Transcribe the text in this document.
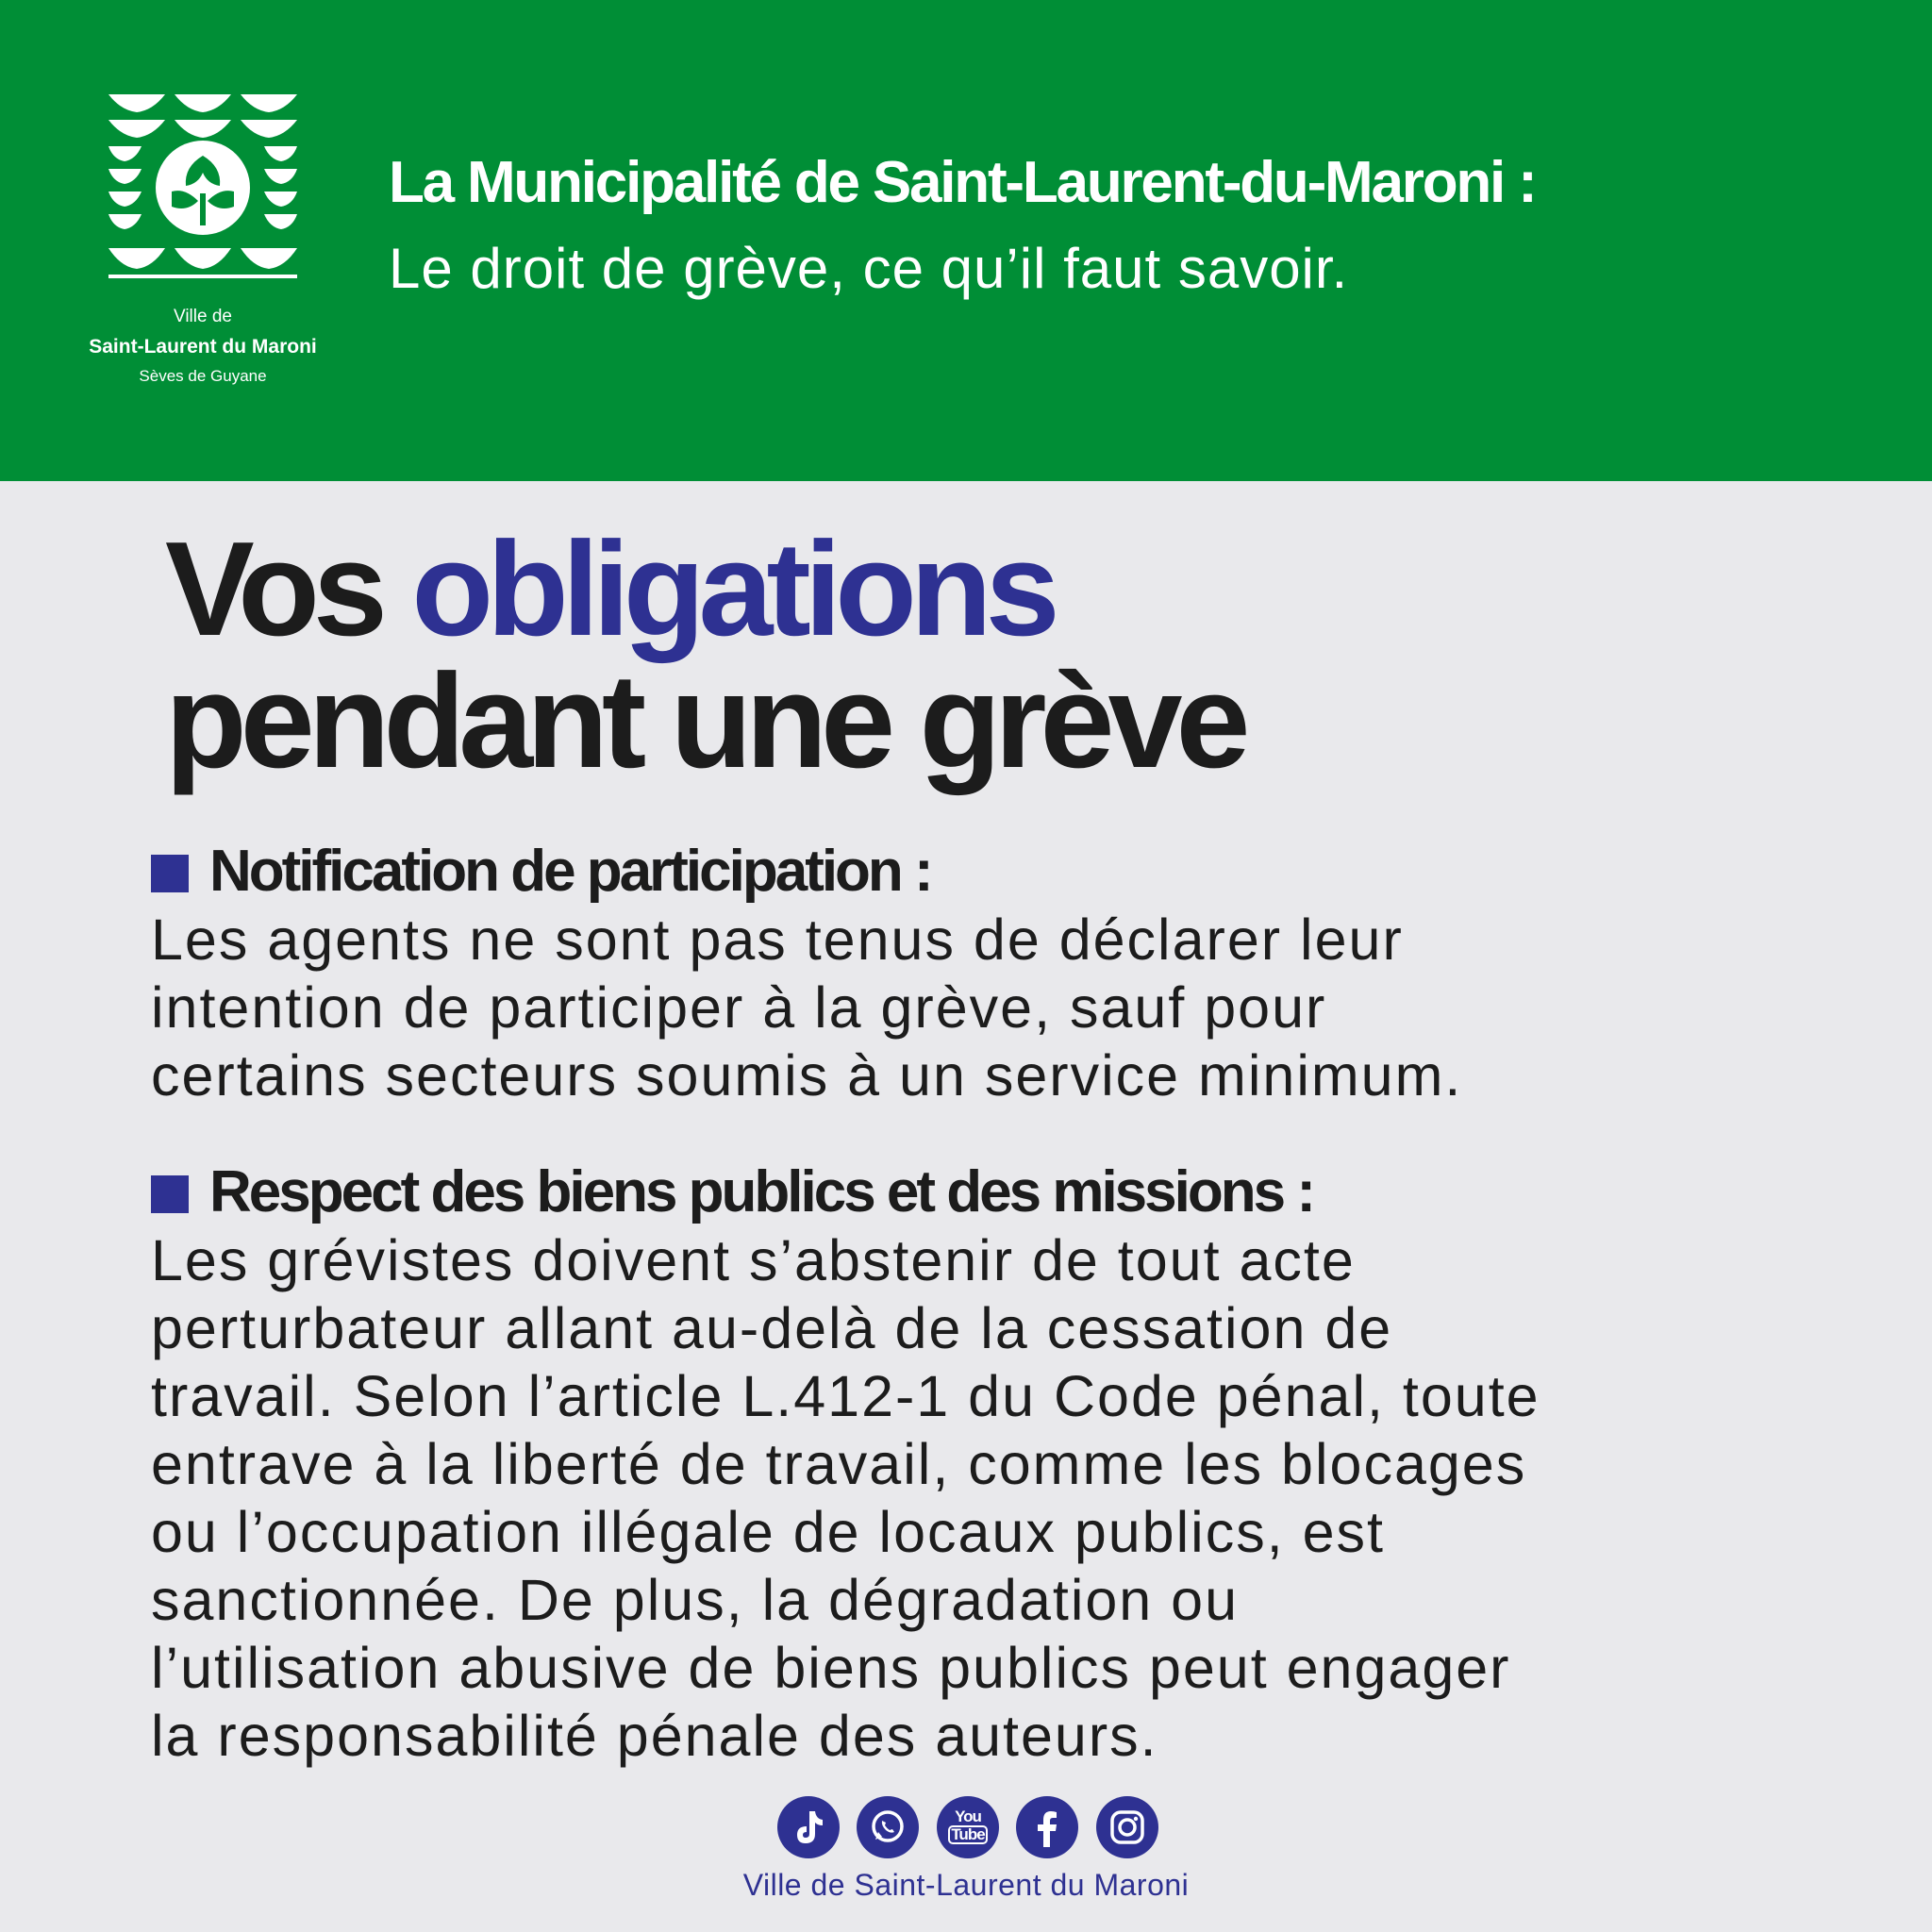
Ville de
Saint-Laurent du Maroni
Sèves de Guyane
La Municipalité de Saint-Laurent-du-Maroni :
Le droit de grève, ce qu’il faut savoir.
Vos obligations
pendant une grève
Notification de participation :
Les agents ne sont pas tenus de déclarer leur
intention de participer à la grève, sauf pour
certains secteurs soumis à un service minimum.
Respect des biens publics et des missions :
Les grévistes doivent s’abstenir de tout acte
perturbateur allant au-delà de la cessation de
travail. Selon l’article L.412-1 du Code pénal, toute
entrave à la liberté de travail, comme les blocages
ou l’occupation illégale de locaux publics, est
sanctionnée. De plus, la dégradation ou
l’utilisation abusive de biens publics peut engager
la responsabilité pénale des auteurs.
You
Tube
Ville de Saint-Laurent du Maroni
